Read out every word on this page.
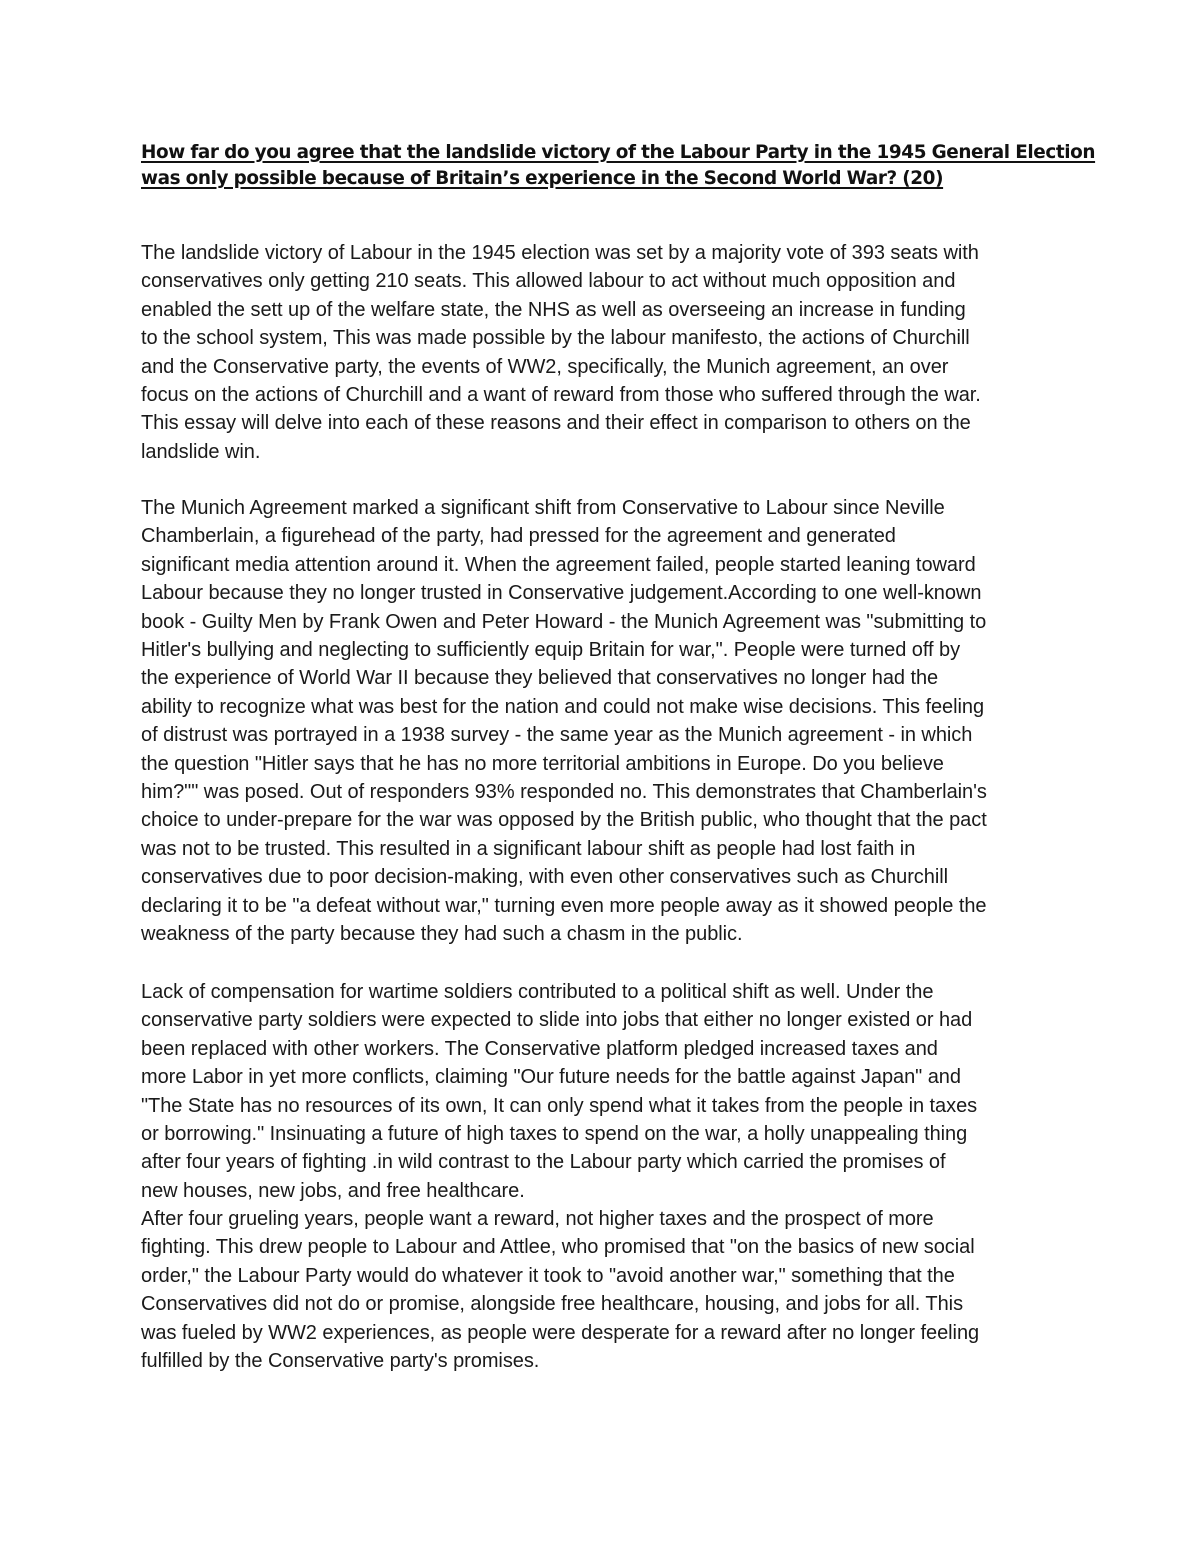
How far do you agree that the landslide victory of the Labour Party in the 1945 General Election
was only possible because of Britain’s experience in the Second World War? (20)
The landslide victory of Labour in the 1945 election was set by a majority vote of 393 seats with
conservatives only getting 210 seats. This allowed labour to act without much opposition and
enabled the sett up of the welfare state, the NHS as well as overseeing an increase in funding
to the school system, This was made possible by the labour manifesto, the actions of Churchill
and the Conservative party, the events of WW2, specifically, the Munich agreement, an over
focus on the actions of Churchill and a want of reward from those who suffered through the war.
This essay will delve into each of these reasons and their effect in comparison to others on the
landslide win.
The Munich Agreement marked a significant shift from Conservative to Labour since Neville
Chamberlain, a figurehead of the party, had pressed for the agreement and generated
significant media attention around it. When the agreement failed, people started leaning toward
Labour because they no longer trusted in Conservative judgement.According to one well-known
book - Guilty Men by Frank Owen and Peter Howard - the Munich Agreement was "submitting to
Hitler's bullying and neglecting to sufficiently equip Britain for war,". People were turned off by
the experience of World War II because they believed that conservatives no longer had the
ability to recognize what was best for the nation and could not make wise decisions. This feeling
of distrust was portrayed in a 1938 survey - the same year as the Munich agreement - in which
the question "Hitler says that he has no more territorial ambitions in Europe. Do you believe
him?"" was posed. Out of responders 93% responded no. This demonstrates that Chamberlain's
choice to under-prepare for the war was opposed by the British public, who thought that the pact
was not to be trusted. This resulted in a significant labour shift as people had lost faith in
conservatives due to poor decision-making, with even other conservatives such as Churchill
declaring it to be "a defeat without war," turning even more people away as it showed people the
weakness of the party because they had such a chasm in the public.
Lack of compensation for wartime soldiers contributed to a political shift as well. Under the
conservative party soldiers were expected to slide into jobs that either no longer existed or had
been replaced with other workers. The Conservative platform pledged increased taxes and
more Labor in yet more conflicts, claiming "Our future needs for the battle against Japan" and
"The State has no resources of its own, It can only spend what it takes from the people in taxes
or borrowing." Insinuating a future of high taxes to spend on the war, a holly unappealing thing
after four years of fighting .in wild contrast to the Labour party which carried the promises of
new houses, new jobs, and free healthcare.
After four grueling years, people want a reward, not higher taxes and the prospect of more
fighting. This drew people to Labour and Attlee, who promised that "on the basics of new social
order," the Labour Party would do whatever it took to "avoid another war," something that the
Conservatives did not do or promise, alongside free healthcare, housing, and jobs for all. This
was fueled by WW2 experiences, as people were desperate for a reward after no longer feeling
fulfilled by the Conservative party's promises.
